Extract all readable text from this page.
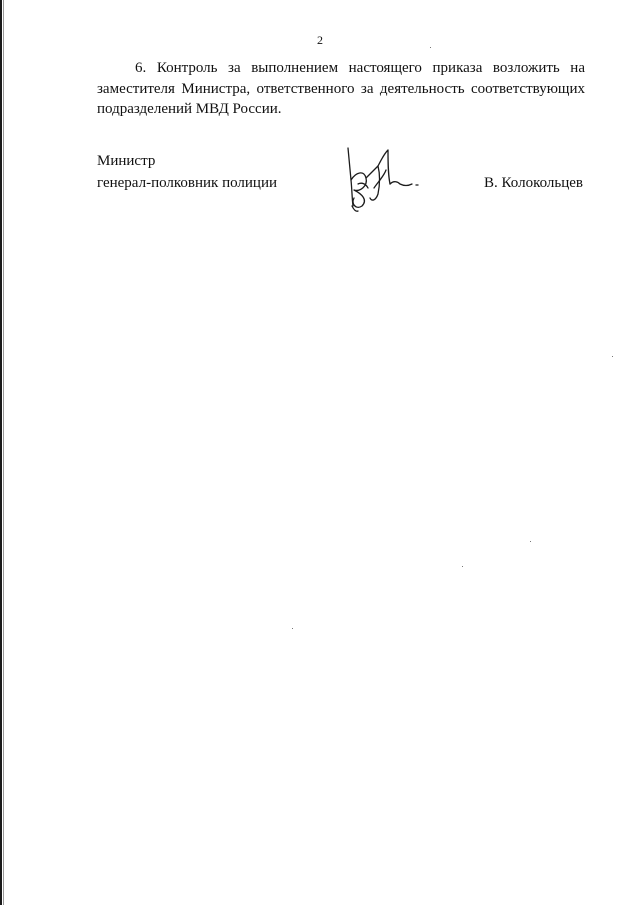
2

6. Контроль за выполнением настоящего приказа возложить на
заместителя Министра, ответственного за деятельность соответствующих
подразделений МВД России.

Министр
генерал-полковник полиции	В. Колокольцев
